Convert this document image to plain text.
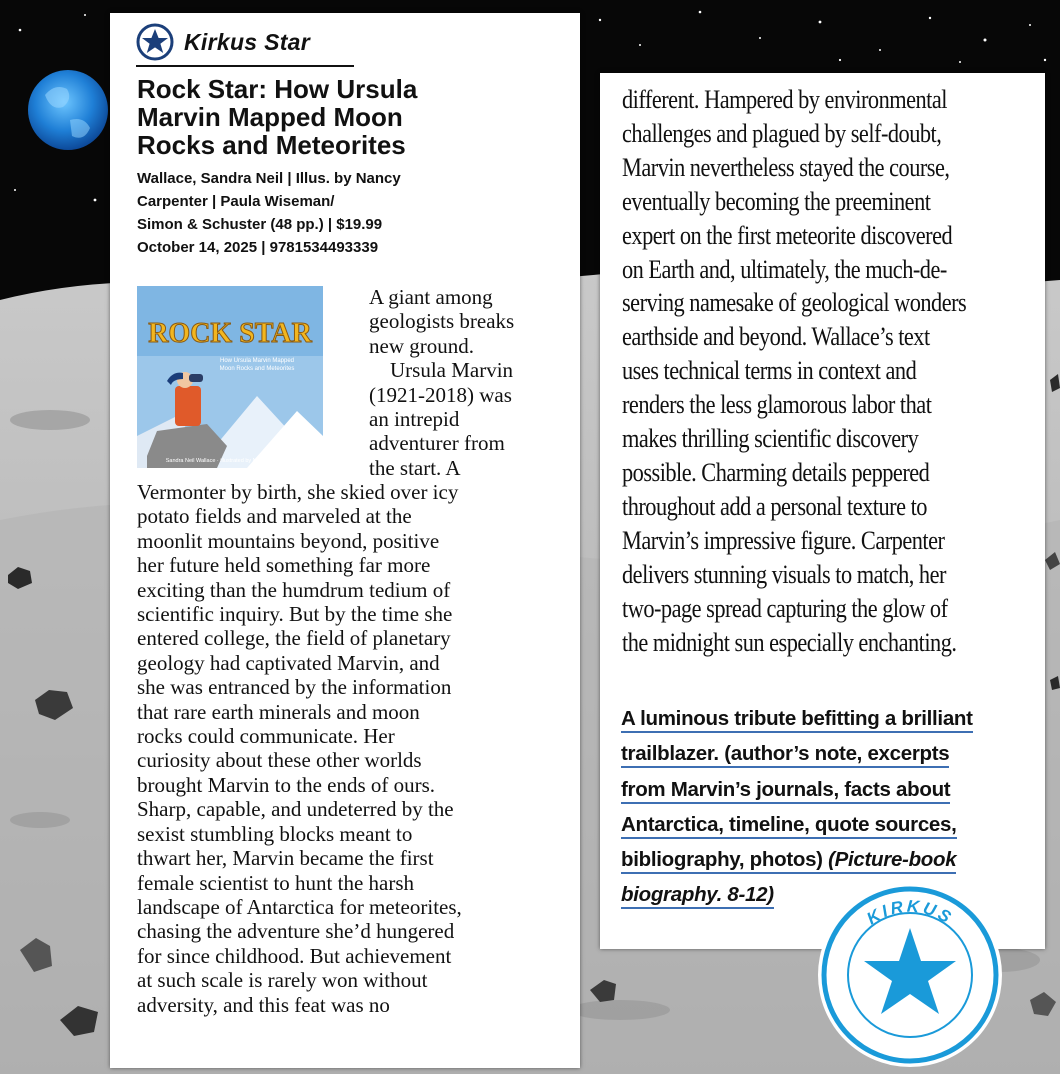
Kirkus Star
Rock Star: How Ursula
Marvin Mapped Moon
Rocks and Meteorites
Wallace, Sandra Neil | Illus. by Nancy
Carpenter | Paula Wiseman/
Simon & Schuster (48 pp.) | $19.99
October 14, 2025 | 9781534493339
ROCK STAR
How Ursula Marvin Mapped
Moon Rocks and Meteorites
Sandra Neil Wallace · illustrated by Nancy Carpenter

A giant among

geologists breaks

new ground.

Ursula Marvin

(1921-2018) was

an intrepid

adventurer from

the start. A

Vermonter by birth, she skied over icy

potato fields and marveled at the

moonlit mountains beyond, positive

her future held something far more

exciting than the humdrum tedium of

scientific inquiry. But by the time she

entered college, the field of planetary

geology had captivated Marvin, and

she was entranced by the information

that rare earth minerals and moon

rocks could communicate. Her

curiosity about these other worlds

brought Marvin to the ends of ours.

Sharp, capable, and undeterred by the

sexist stumbling blocks meant to

thwart her, Marvin became the first

female scientist to hunt the harsh

landscape of Antarctica for meteorites,

chasing the adventure she’d hungered

for since childhood. But achievement

at such scale is rarely won without

adversity, and this feat was no

different. Hampered by environmental

challenges and plagued by self-doubt,

Marvin nevertheless stayed the course,

eventually becoming the preeminent

expert on the first meteorite discovered

on Earth and, ultimately, the much-de-

serving namesake of geological wonders

earthside and beyond. Wallace’s text

uses technical terms in context and

renders the less glamorous labor that

makes thrilling scientific discovery

possible. Charming details peppered

throughout add a personal texture to

Marvin’s impressive figure. Carpenter

delivers stunning visuals to match, her

two-page spread capturing the glow of

the midnight sun especially enchanting.

A luminous tribute befitting a brilliant

trailblazer. (author’s note, excerpts

from Marvin’s journals, facts about

Antarctica, timeline, quote sources,

bibliography, photos) (Picture-book

biography. 8-12)

KIRKUS
